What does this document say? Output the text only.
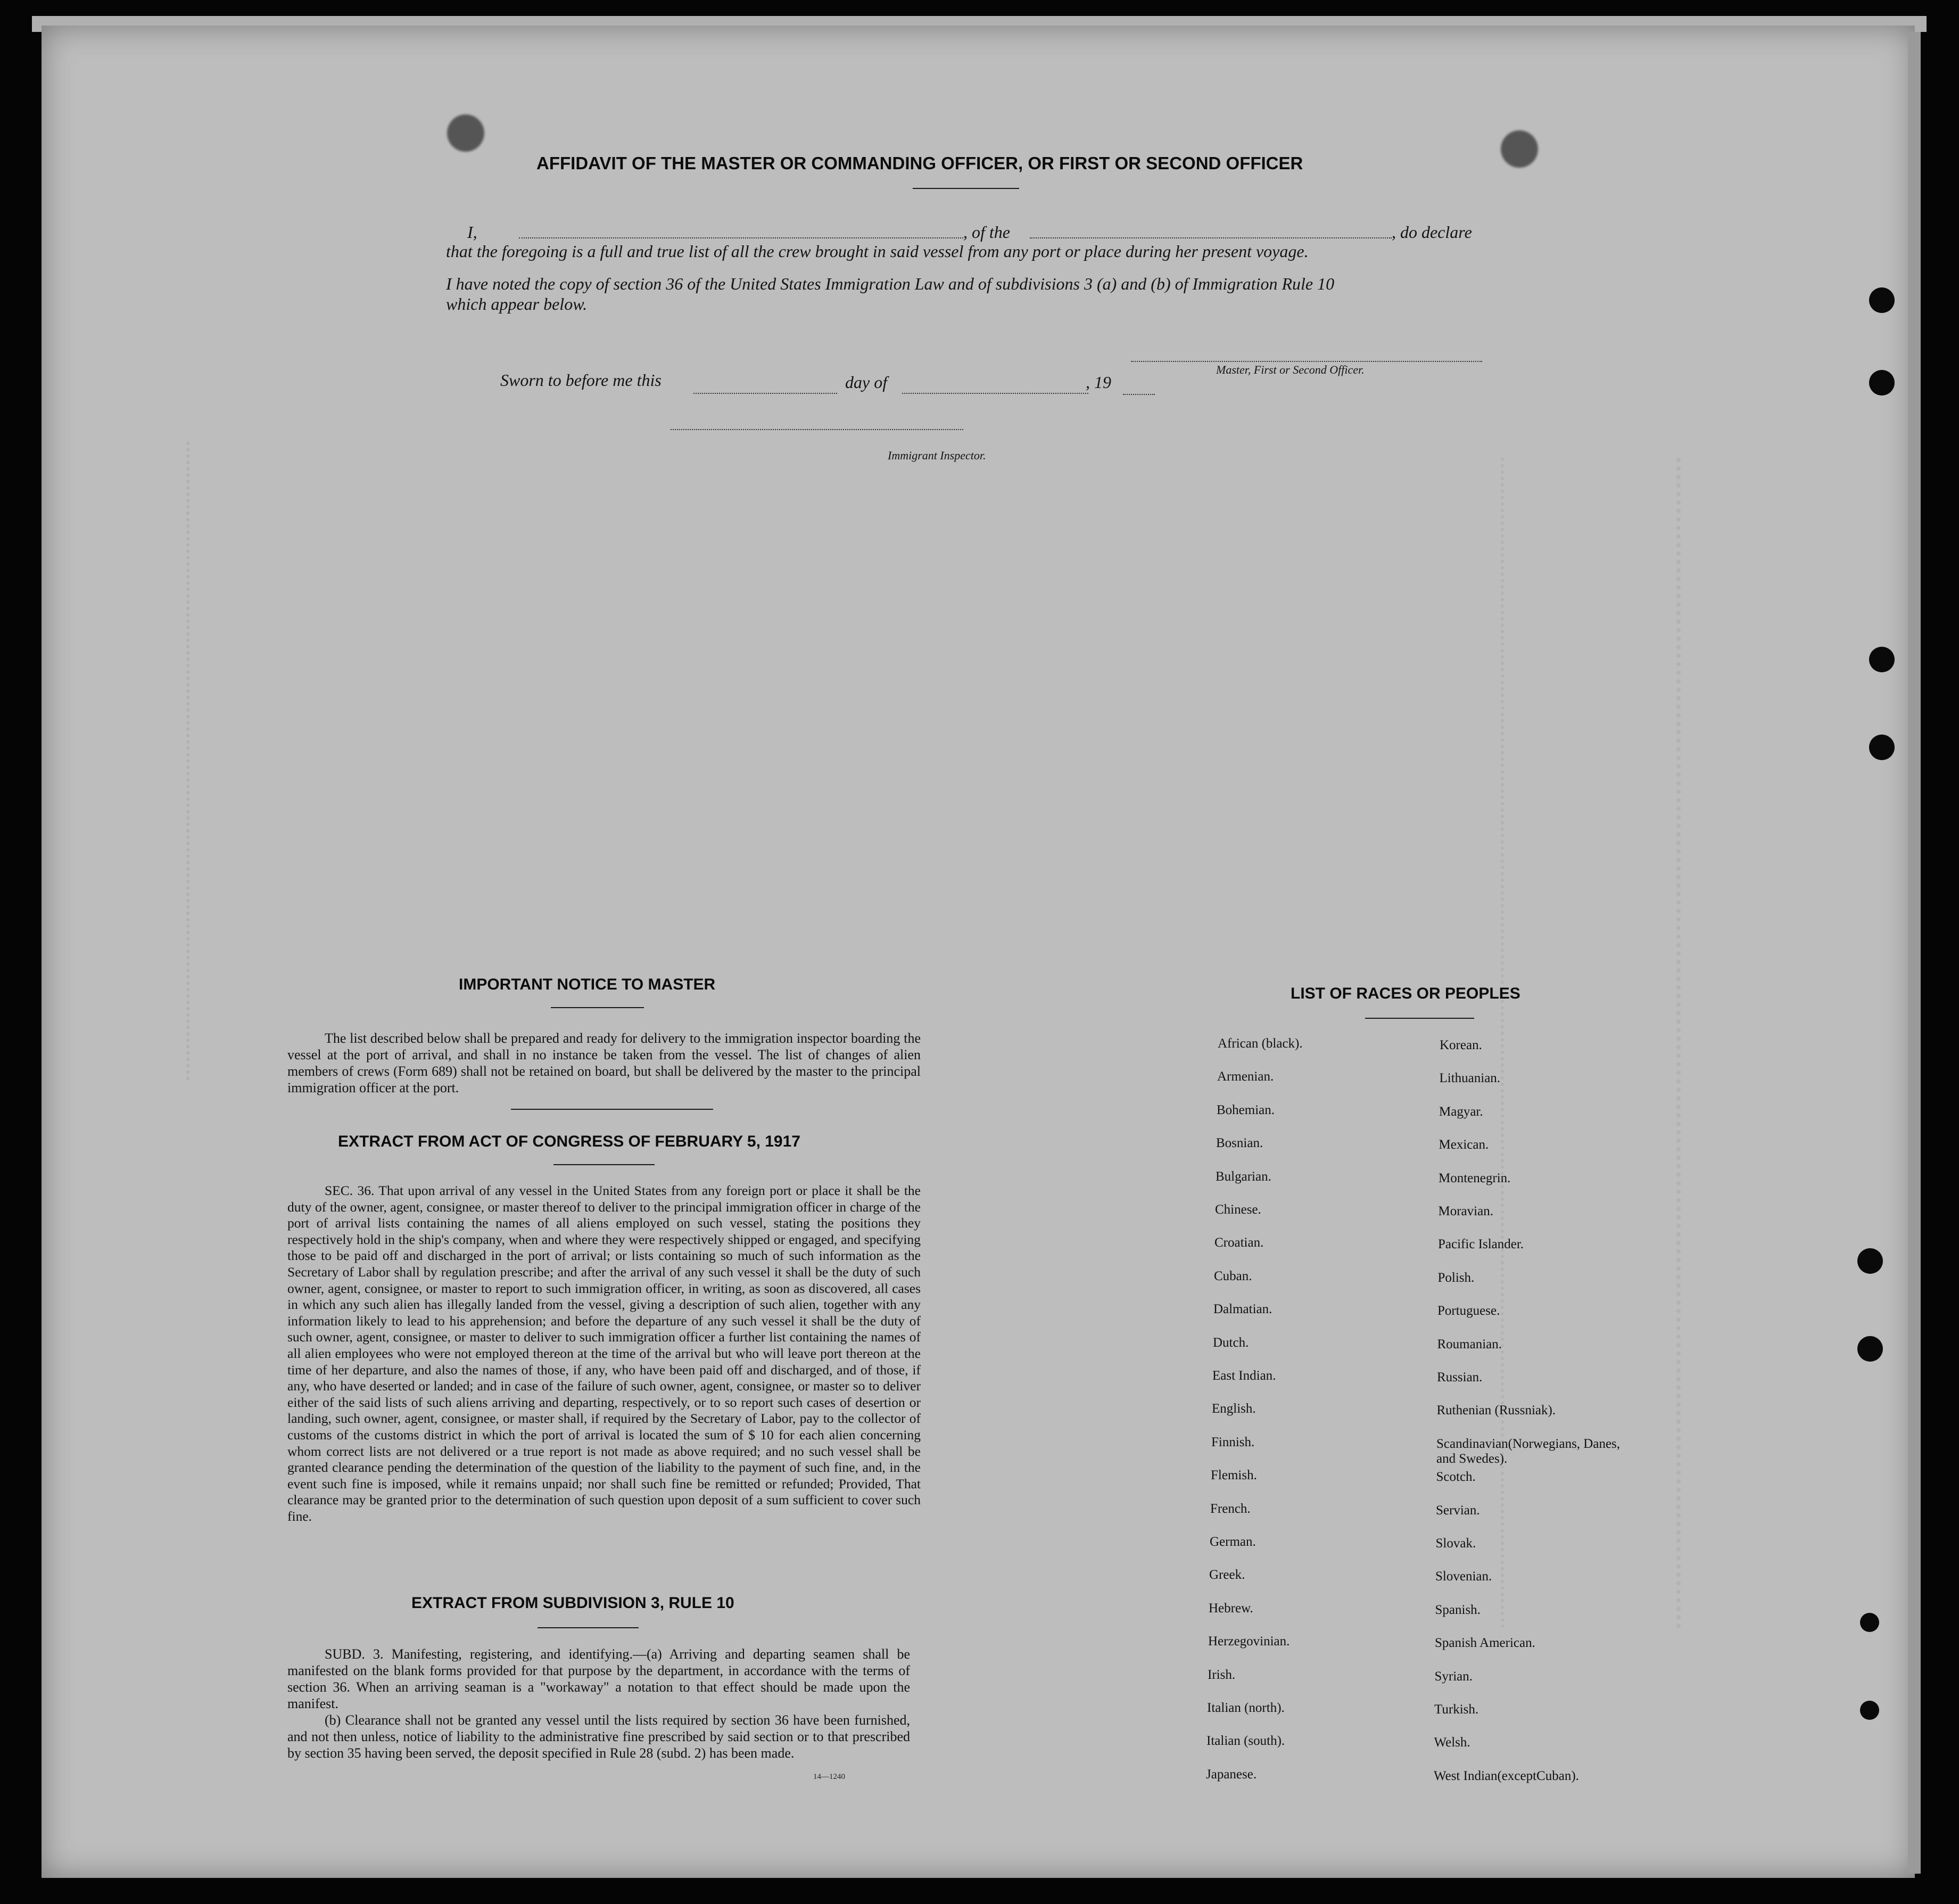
AFFIDAVIT OF THE MASTER OR COMMANDING OFFICER, OR FIRST OR SECOND OFFICER
I,	, of the	, do declare
that the foregoing is a full and true list of all the crew brought in said vessel from any port or place during her present voyage.
I have noted the copy of section 36 of the United States Immigration Law and of subdivisions 3 (a) and (b) of Immigration Rule 10
which appear below.
Master, First or Second Officer.
Sworn to before me this	day of	, 19
Immigrant Inspector.
IMPORTANT NOTICE TO MASTER
The list described below shall be prepared and ready for delivery to the immigration inspector boarding the vessel at the port of arrival, and shall in no instance be taken from the vessel. The list of changes of alien members of crews (Form 689) shall not be retained on board, but shall be delivered by the master to the principal immigration officer at the port.
EXTRACT FROM ACT OF CONGRESS OF FEBRUARY 5, 1917
SEC. 36. That upon arrival of any vessel in the United States from any foreign port or place it shall be the duty of the owner, agent, consignee, or master thereof to deliver to the principal immigration officer in charge of the port of arrival lists containing the names of all aliens employed on such vessel, stating the positions they respectively hold in the ship's company, when and where they were respectively shipped or engaged, and specifying those to be paid off and discharged in the port of arrival; or lists containing so much of such information as the Secretary of Labor shall by regulation prescribe; and after the arrival of any such vessel it shall be the duty of such owner, agent, consignee, or master to report to such immigration officer, in writing, as soon as discovered, all cases in which any such alien has illegally landed from the vessel, giving a description of such alien, together with any information likely to lead to his apprehension; and before the departure of any such vessel it shall be the duty of such owner, agent, consignee, or master to deliver to such immigration officer a further list containing the names of all alien employees who were not employed thereon at the time of the arrival but who will leave port thereon at the time of her departure, and also the names of those, if any, who have been paid off and discharged, and of those, if any, who have deserted or landed; and in case of the failure of such owner, agent, consignee, or master so to deliver either of the said lists of such aliens arriving and departing, respectively, or to so report such cases of desertion or landing, such owner, agent, consignee, or master shall, if required by the Secretary of Labor, pay to the collector of customs of the customs district in which the port of arrival is located the sum of $ 10 for each alien concerning whom correct lists are not delivered or a true report is not made as above required; and no such vessel shall be granted clearance pending the determination of the question of the liability to the payment of such fine, and, in the event such fine is imposed, while it remains unpaid; nor shall such fine be remitted or refunded; Provided, That clearance may be granted prior to the determination of such question upon deposit of a sum sufficient to cover such fine.
EXTRACT FROM SUBDIVISION 3, RULE 10
SUBD. 3. Manifesting, registering, and identifying.—(a) Arriving and departing seamen shall be manifested on the blank forms provided for that purpose by the department, in accordance with the terms of section 36. When an arriving seaman is a "workaway" a notation to that effect should be made upon the manifest.
(b) Clearance shall not be granted any vessel until the lists required by section 36 have been furnished, and not then unless, notice of liability to the administrative fine prescribed by said section or to that prescribed by section 35 having been served, the deposit specified in Rule 28 (subd. 2) has been made.
14—1240
LIST OF RACES OR PEOPLES
African (black).
Armenian.
Bohemian.
Bosnian.
Bulgarian.
Chinese.
Croatian.
Cuban.
Dalmatian.
Dutch.
East Indian.
English.
Finnish.
Flemish.
French.
German.
Greek.
Hebrew.
Herzegovinian.
Irish.
Italian (north).
Italian (south).
Japanese.
Korean.
Lithuanian.
Magyar.
Mexican.
Montenegrin.
Moravian.
Pacific Islander.
Polish.
Portuguese.
Roumanian.
Russian.
Ruthenian (Russniak).
Scandinavian(Norwegians, Danes, and Swedes).
Scotch.
Servian.
Slovak.
Slovenian.
Spanish.
Spanish American.
Syrian.
Turkish.
Welsh.
West Indian(exceptCuban).
